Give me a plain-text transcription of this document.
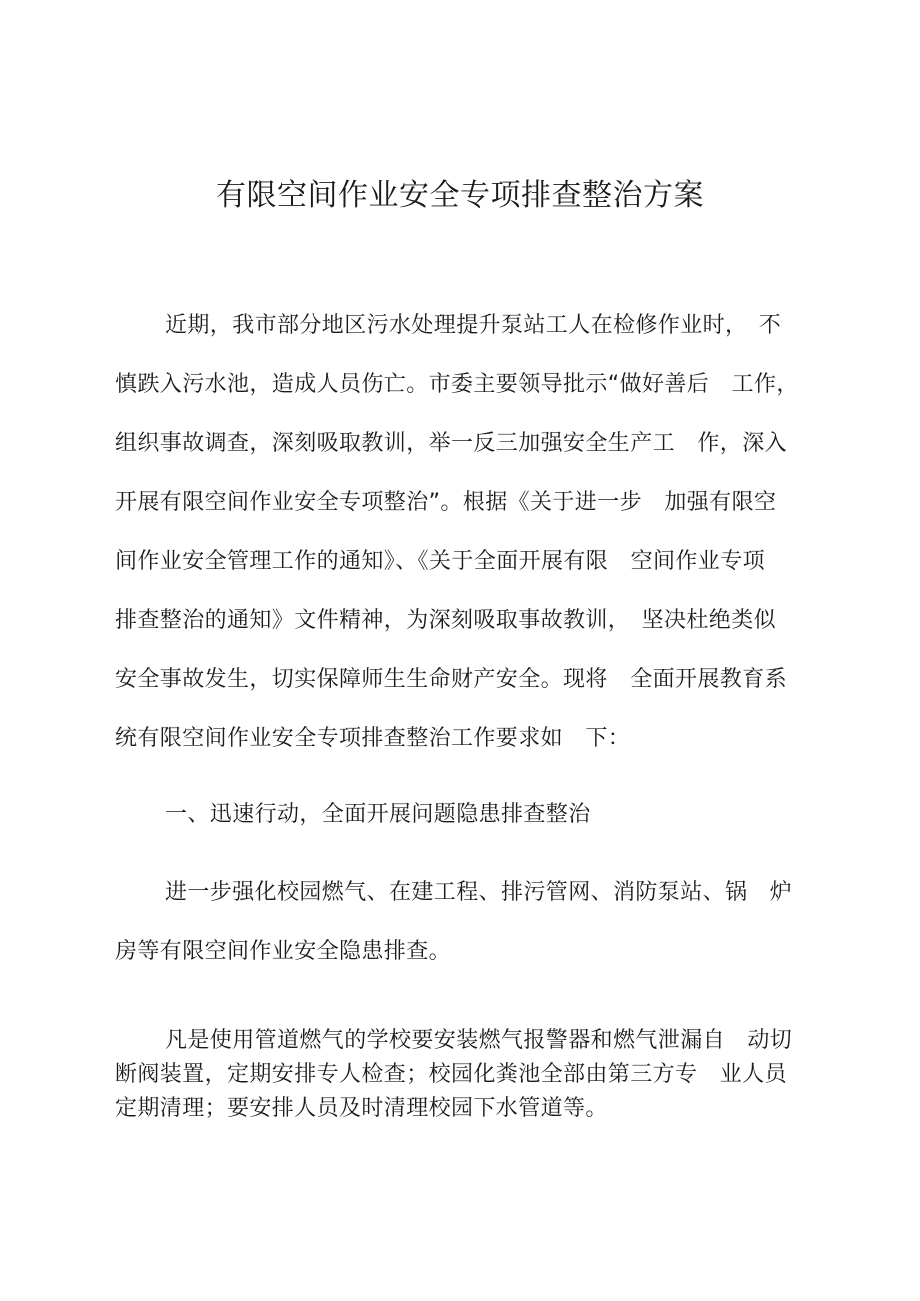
有限空间作业安全专项排查整治方案
近期，我市部分地区污水处理提升泵站工人在检修作业时，　不
慎跌入污水池，造成人员伤亡。市委主要领导批示“做好善后　工作，
组织事故调查，深刻吸取教训，举一反三加强安全生产工　作，深入
开展有限空间作业安全专项整治”。根据《关于进一步　加强有限空
间作业安全管理工作的通知》、《关于全面开展有限　空间作业专项
排查整治的通知》文件精神，为深刻吸取事故教训，　坚决杜绝类似
安全事故发生，切实保障师生生命财产安全。现将　全面开展教育系
统有限空间作业安全专项排查整治工作要求如　下：
一、迅速行动，全面开展问题隐患排查整治
进一步强化校园燃气、在建工程、排污管网、消防泵站、锅　炉
房等有限空间作业安全隐患排查。
凡是使用管道燃气的学校要安装燃气报警器和燃气泄漏自　动切
断阀装置，定期安排专人检查；校园化粪池全部由第三方专　业人员
定期清理；要安排人员及时清理校园下水管道等。
